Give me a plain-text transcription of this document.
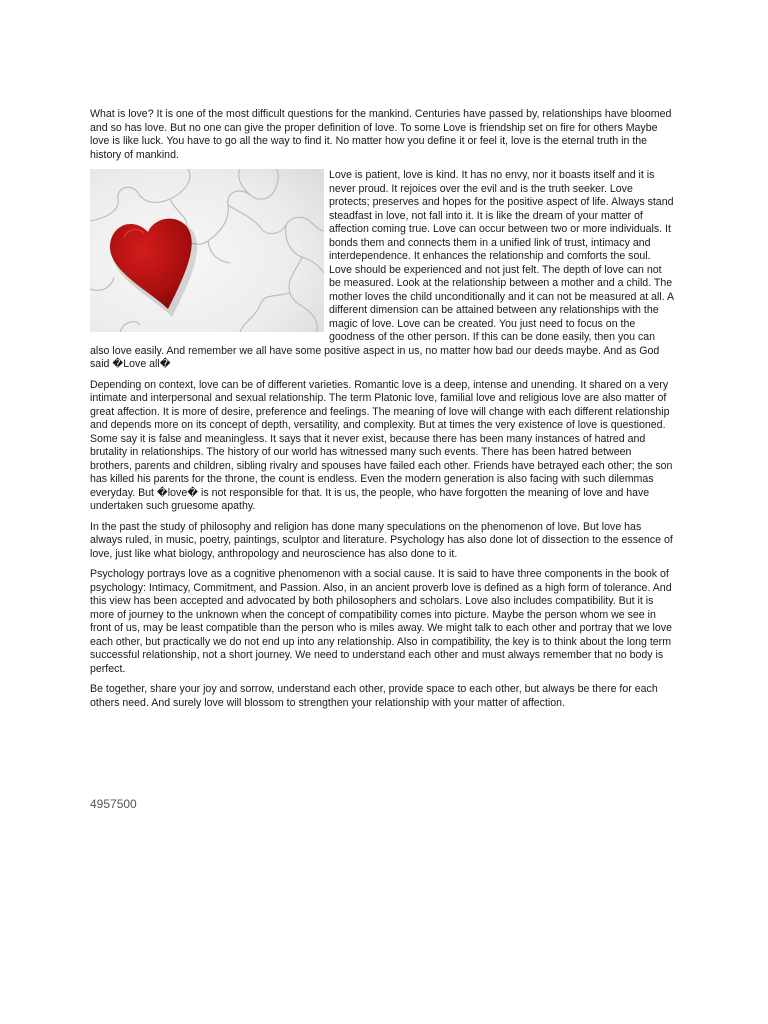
What is love? It is one of the most difficult questions for the mankind. Centuries have passed by, relationships have bloomed and so has love. But no one can give the proper definition of love. To some Love is friendship set on fire for others Maybe love is like luck. You have to go all the way to find it. No matter how you define it or feel it, love is the eternal truth in the history of mankind.

Love is patient, love is kind. It has no envy, nor it boasts itself and it is never proud. It rejoices over the evil and is the truth seeker. Love protects; preserves and hopes for the positive aspect of life. Always stand steadfast in love, not fall into it. It is like the dream of your matter of affection coming true. Love can occur between two or more individuals. It bonds them and connects them in a unified link of trust, intimacy and interdependence. It enhances the relationship and comforts the soul. Love should be experienced and not just felt. The depth of love can not be measured. Look at the relationship between a mother and a child. The mother loves the child unconditionally and it can not be measured at all. A different dimension can be attained between any relationships with the magic of love. Love can be created. You just need to focus on the goodness of the other person. If this can be done easily, then you can also love easily. And remember we all have some positive aspect in us, no matter how bad our deeds maybe. And as God said �Love all�

Depending on context, love can be of different varieties. Romantic love is a deep, intense and unending. It shared on a very intimate and interpersonal and sexual relationship. The term Platonic love, familial love and religious love are also matter of great affection. It is more of desire, preference and feelings. The meaning of love will change with each different relationship and depends more on its concept of depth, versatility, and complexity. But at times the very existence of love is questioned. Some say it is false and meaningless. It says that it never exist, because there has been many instances of hatred and brutality in relationships. The history of our world has witnessed many such events. There has been hatred between brothers, parents and children, sibling rivalry and spouses have failed each other. Friends have betrayed each other; the son has killed his parents for the throne, the count is endless. Even the modern generation is also facing with such dilemmas everyday. But �love� is not responsible for that. It is us, the people, who have forgotten the meaning of love and have undertaken such gruesome apathy.

In the past the study of philosophy and religion has done many speculations on the phenomenon of love. But love has always ruled, in music, poetry, paintings, sculptor and literature. Psychology has also done lot of dissection to the essence of love, just like what biology, anthropology and neuroscience has also done to it.

Psychology portrays love as a cognitive phenomenon with a social cause. It is said to have three components in the book of psychology: Intimacy, Commitment, and Passion. Also, in an ancient proverb love is defined as a high form of tolerance. And this view has been accepted and advocated by both philosophers and scholars. Love also includes compatibility. But it is more of journey to the unknown when the concept of compatibility comes into picture. Maybe the person whom we see in front of us, may be least compatible than the person who is miles away. We might talk to each other and portray that we love each other, but practically we do not end up into any relationship. Also in compatibility, the key is to think about the long term successful relationship, not a short journey. We need to understand each other and must always remember that no body is perfect.

Be together, share your joy and sorrow, understand each other, provide space to each other, but always be there for each others need. And surely love will blossom to strengthen your relationship with your matter of affection.

4957500
